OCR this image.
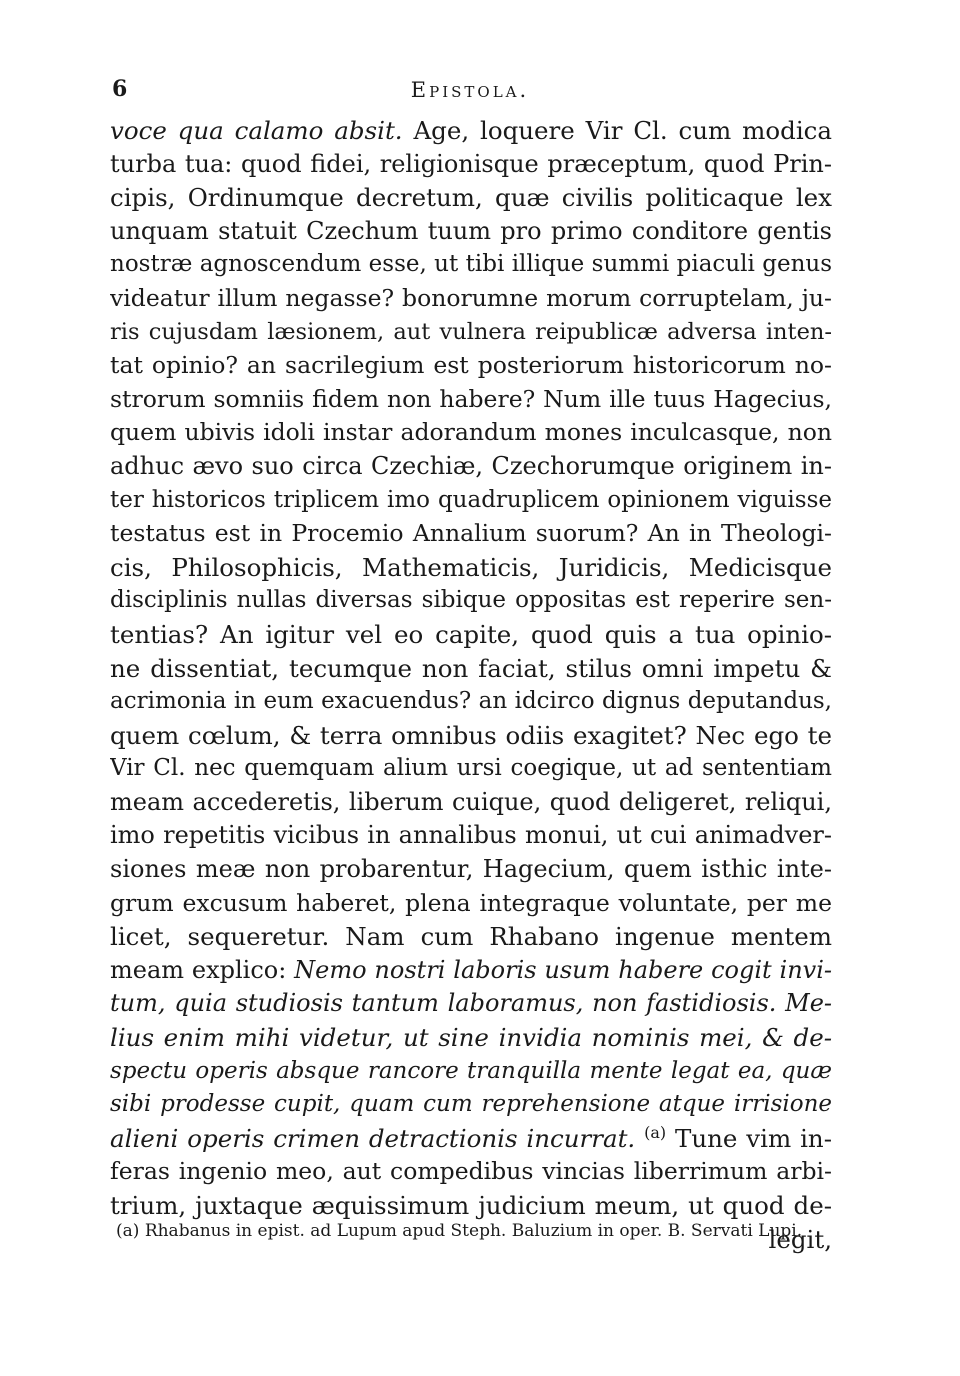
6	Epistola.
voce qua calamo absit. Age, loquere Vir Cl. cum modica
turba tua: quod fidei, religionisque præceptum, quod Prin-
cipis, Ordinumque decretum, quæ civilis politicaque lex
unquam statuit Czechum tuum pro primo conditore gentis
nostræ agnoscendum esse, ut tibi illique summi piaculi genus
videatur illum negasse? bonorumne morum corruptelam, ju-
ris cujusdam læsionem, aut vulnera reipublicæ adversa inten-
tat opinio? an sacrilegium est posteriorum historicorum no-
strorum somniis fidem non habere? Num ille tuus Hagecius,
quem ubivis idoli instar adorandum mones inculcasque, non
adhuc ævo suo circa Czechiæ, Czechorumque originem in-
ter historicos triplicem imo quadruplicem opinionem viguisse
testatus est in Procemio Annalium suorum? An in Theologi-
cis, Philosophicis, Mathematicis, Juridicis, Medicisque
disciplinis nullas diversas sibique oppositas est reperire sen-
tentias? An igitur vel eo capite, quod quis a tua opinio-
ne dissentiat, tecumque non faciat, stilus omni impetu &
acrimonia in eum exacuendus? an idcirco dignus deputandus,
quem cœlum, & terra omnibus odiis exagitet? Nec ego te
Vir Cl. nec quemquam alium ursi coegique, ut ad sententiam
meam accederetis, liberum cuique, quod deligeret, reliqui,
imo repetitis vicibus in annalibus monui, ut cui animadver-
siones meæ non probarentur, Hagecium, quem isthic inte-
grum excusum haberet, plena integraque voluntate, per me
licet, sequeretur. Nam cum Rhabano ingenue mentem
meam explico: Nemo nostri laboris usum habere cogit invi-
tum, quia studiosis tantum laboramus, non fastidiosis. Me-
lius enim mihi videtur, ut sine invidia nominis mei, & de-
spectu operis absque rancore tranquilla mente legat ea, quæ
sibi prodesse cupit, quam cum reprehensione atque irrisione
alieni operis crimen detractionis incurrat. $^{(a)}$ Tune vim in-
feras ingenio meo, aut compedibus vincias liberrimum arbi-
trium, juxtaque æquissimum judicium meum, ut quod de-
legit,
(a) Rhabanus in epist. ad Lupum apud Steph. Baluzium in oper. B. Servati Lupi.
